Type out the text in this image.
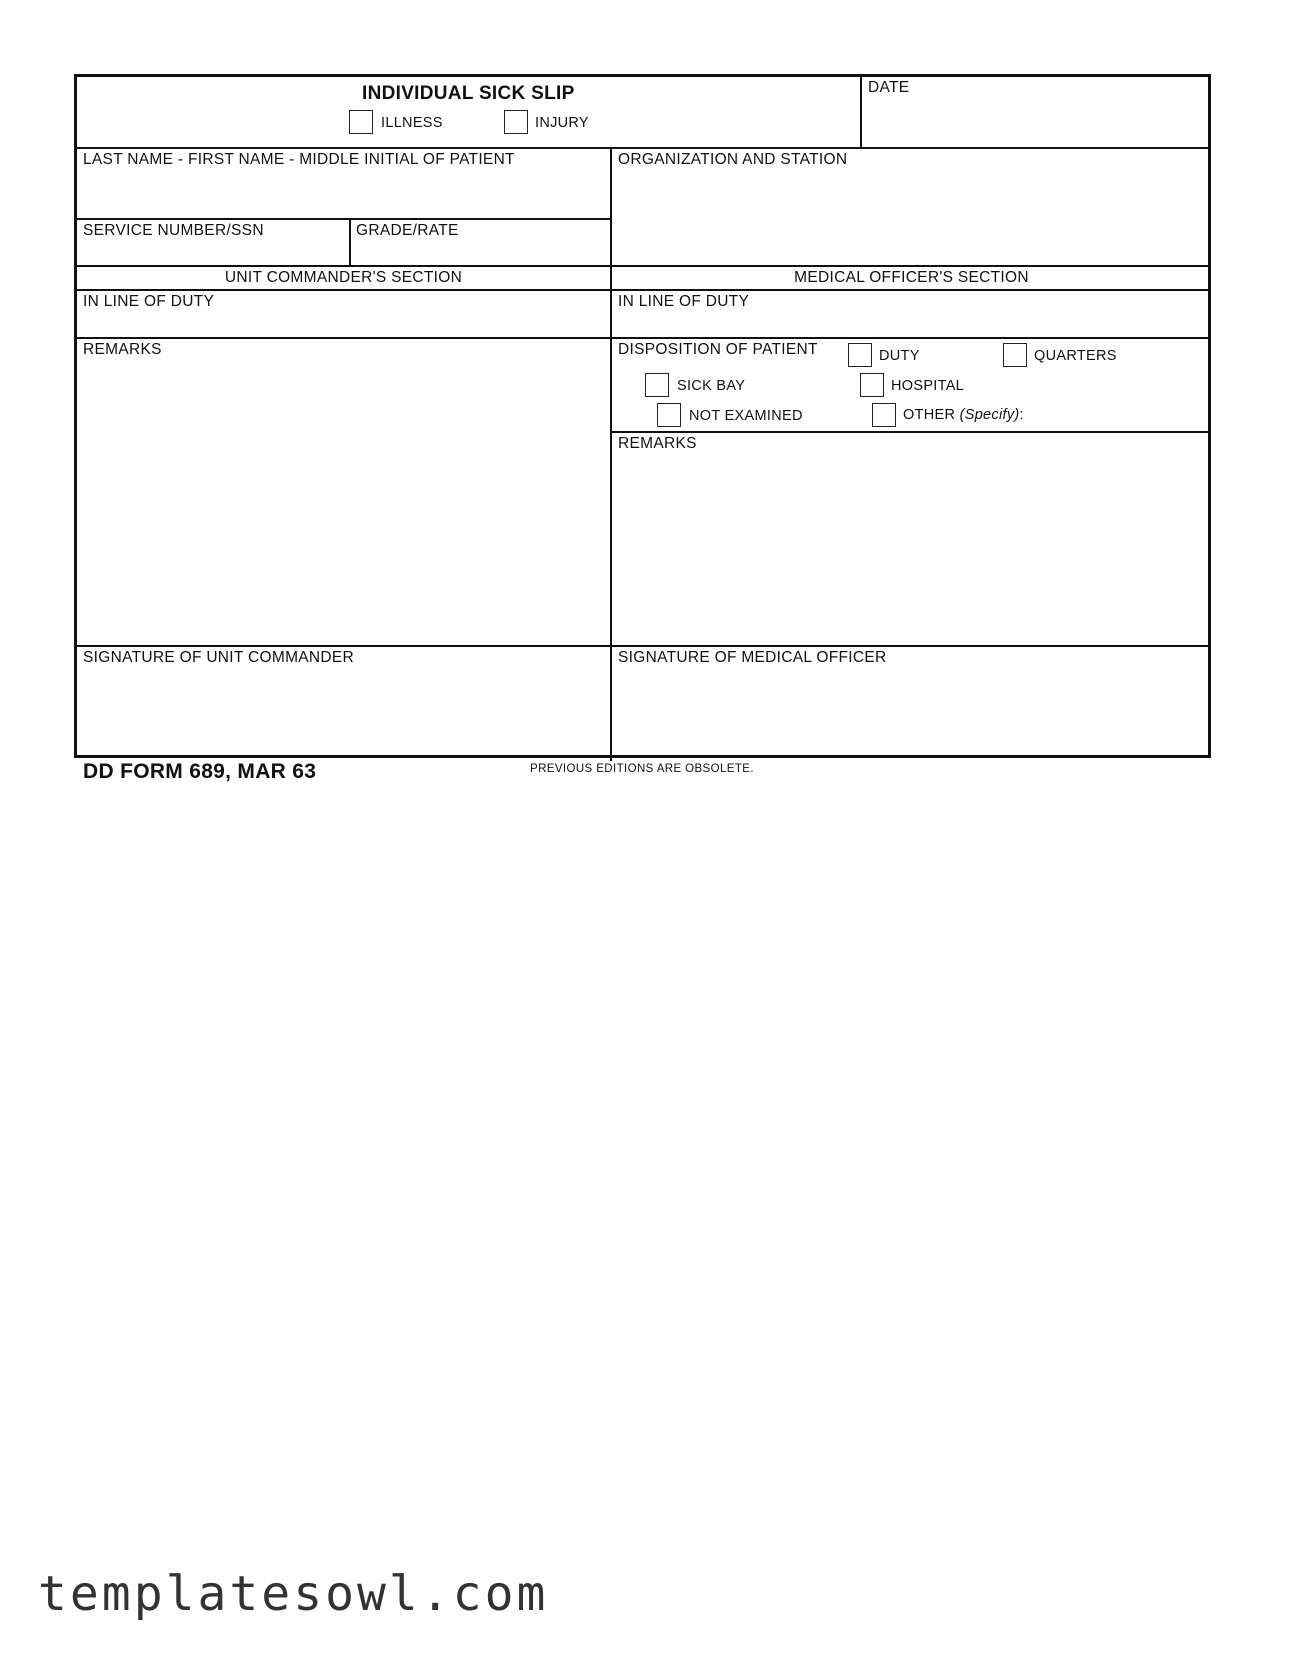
INDIVIDUAL SICK SLIP
ILLNESS	INJURY
DATE
LAST NAME - FIRST NAME - MIDDLE INITIAL OF PATIENT	ORGANIZATION AND STATION
SERVICE NUMBER/SSN	GRADE/RATE
UNIT COMMANDER'S SECTION	MEDICAL OFFICER'S SECTION
IN LINE OF DUTY	IN LINE OF DUTY
REMARKS	DISPOSITION OF PATIENT	DUTY	QUARTERS
SICK BAY	HOSPITAL
NOT EXAMINED	OTHER (Specify):
REMARKS
SIGNATURE OF UNIT COMMANDER	SIGNATURE OF MEDICAL OFFICER
DD FORM 689, MAR 63	PREVIOUS EDITIONS ARE OBSOLETE.
templatesowl.com
